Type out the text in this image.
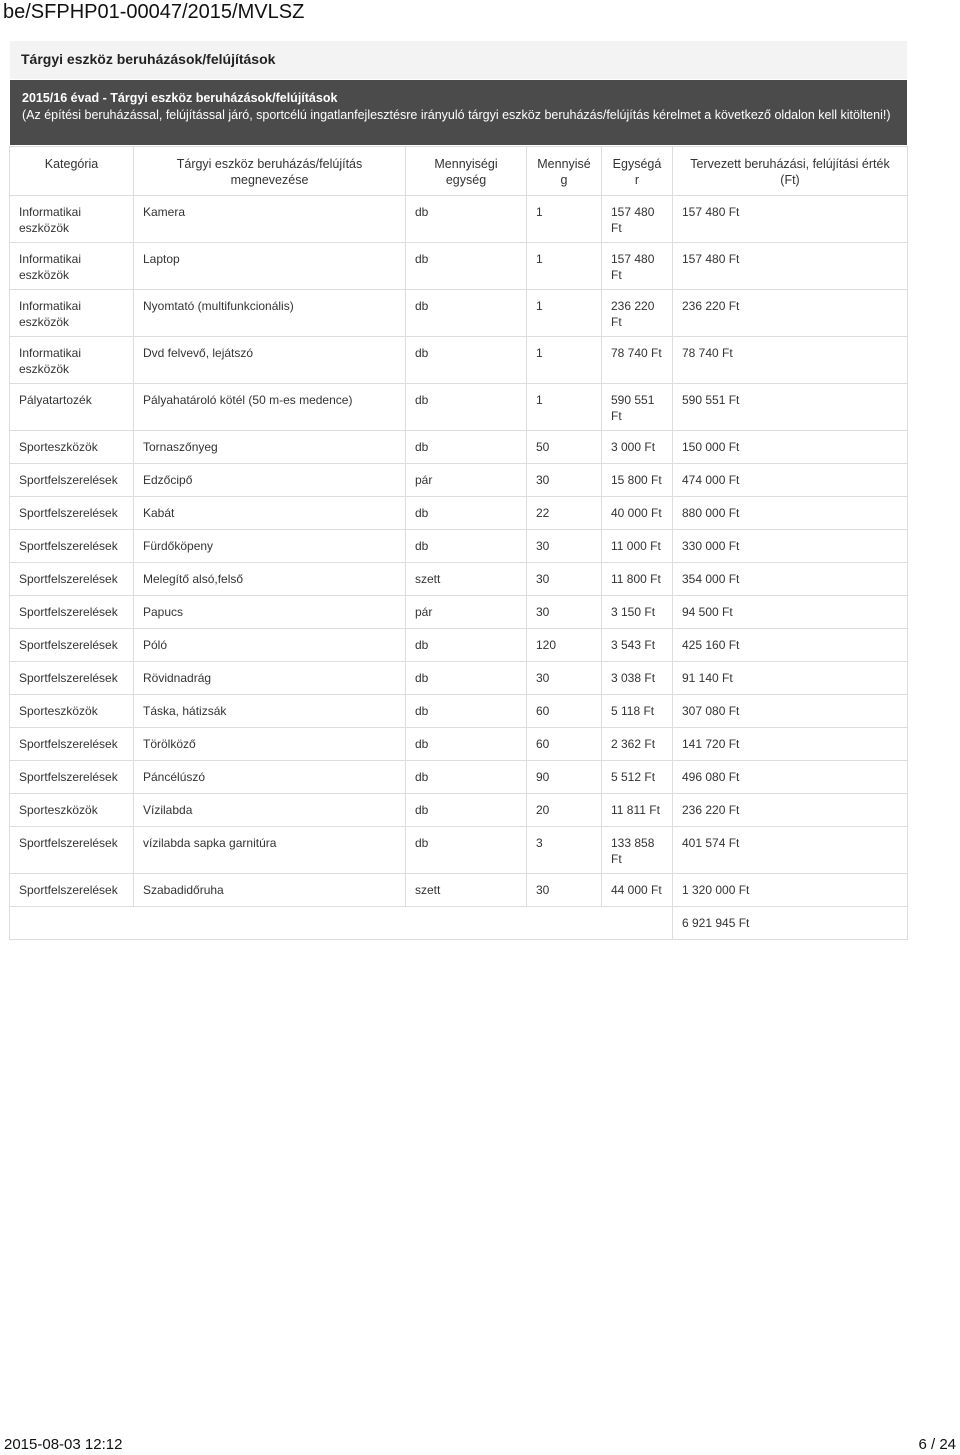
be/SFPHP01-00047/2015/MVLSZ
Tárgyi eszköz beruházások/felújítások
2015/16 évad - Tárgyi eszköz beruházások/felújítások
(Az építési beruházással, felújítással járó, sportcélú ingatlanfejlesztésre irányuló tárgyi eszköz beruházás/felújítás kérelmet a következő oldalon kell kitölteni!)
Kategória	Tárgyi eszköz beruházás/felújítás megnevezése	Mennyiségi egység	Mennyisé g	Egységá r	Tervezett beruházási, felújítási érték (Ft)
Informatikai eszközök	Kamera	db	1	157 480 Ft	157 480 Ft
Informatikai eszközök	Laptop	db	1	157 480 Ft	157 480 Ft
Informatikai eszközök	Nyomtató (multifunkcionális)	db	1	236 220 Ft	236 220 Ft
Informatikai eszközök	Dvd felvevő, lejátszó	db	1	78 740 Ft	78 740 Ft
Pályatartozék	Pályahatároló kötél (50 m-es medence)	db	1	590 551 Ft	590 551 Ft
Sporteszközök	Tornaszőnyeg	db	50	3 000 Ft	150 000 Ft
Sportfelszerelések	Edzőcipő	pár	30	15 800 Ft	474 000 Ft
Sportfelszerelések	Kabát	db	22	40 000 Ft	880 000 Ft
Sportfelszerelések	Fürdőköpeny	db	30	11 000 Ft	330 000 Ft
Sportfelszerelések	Melegítő alsó,felső	szett	30	11 800 Ft	354 000 Ft
Sportfelszerelések	Papucs	pár	30	3 150 Ft	94 500 Ft
Sportfelszerelések	Póló	db	120	3 543 Ft	425 160 Ft
Sportfelszerelések	Rövidnadrág	db	30	3 038 Ft	91 140 Ft
Sporteszközök	Táska, hátizsák	db	60	5 118 Ft	307 080 Ft
Sportfelszerelések	Törölköző	db	60	2 362 Ft	141 720 Ft
Sportfelszerelések	Páncélúszó	db	90	5 512 Ft	496 080 Ft
Sporteszközök	Vízilabda	db	20	11 811 Ft	236 220 Ft
Sportfelszerelések	vízilabda sapka garnitúra	db	3	133 858 Ft	401 574 Ft
Sportfelszerelések	Szabadidőruha	szett	30	44 000 Ft	1 320 000 Ft
					6 921 945 Ft
2015-08-03 12:12	6 / 24
